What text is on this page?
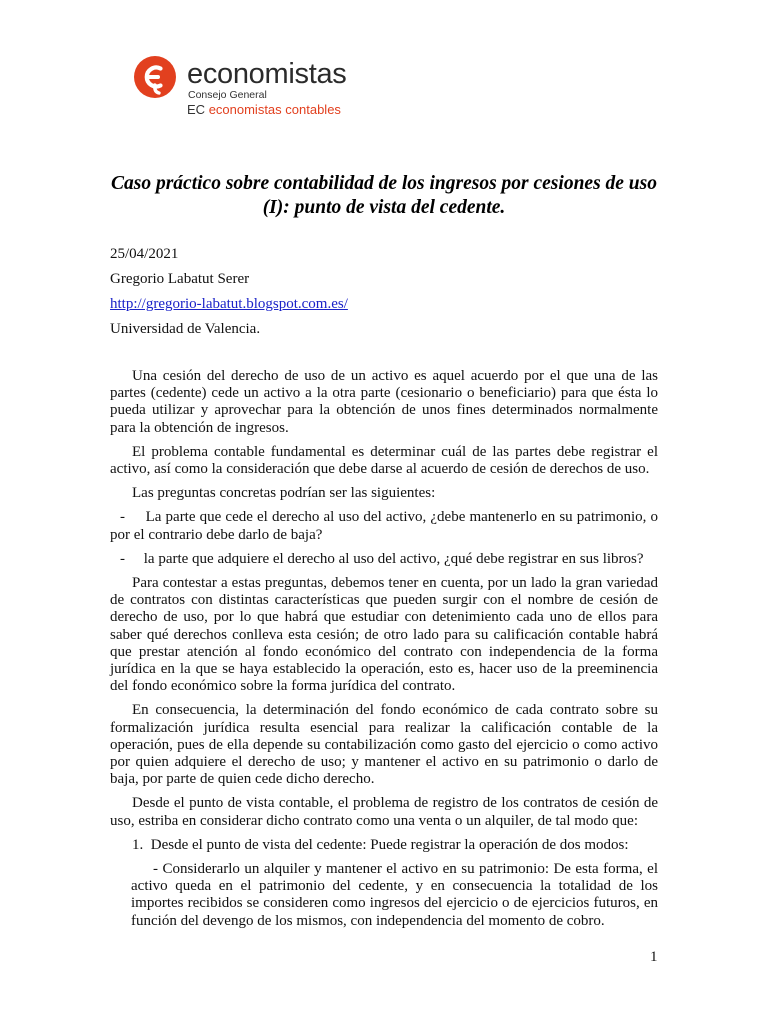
economistas
Consejo General
EC economistas contables
Caso práctico sobre contabilidad de los ingresos por cesiones de uso (I): punto de vista del cedente.
25/04/2021
Gregorio Labatut Serer
http://gregorio-labatut.blogspot.com.es/
Universidad de Valencia.

Una cesión del derecho de uso de un activo es aquel acuerdo por el que una de las partes (cedente) cede un activo a la otra parte (cesionario o beneficiario) para que ésta lo pueda utilizar y aprovechar para la obtención de unos fines determinados normalmente para la obtención de ingresos.

El problema contable fundamental es determinar cuál de las partes debe registrar el activo, así como la consideración que debe darse al acuerdo de cesión de derechos de uso.

Las preguntas concretas podrían ser las siguientes:

- La parte que cede el derecho al uso del activo, ¿debe mantenerlo en su patrimonio, o por el contrario debe darlo de baja?

- la parte que adquiere el derecho al uso del activo, ¿qué debe registrar en sus libros?

Para contestar a estas preguntas, debemos tener en cuenta, por un lado la gran variedad de contratos con distintas características que pueden surgir con el nombre de cesión de derecho de uso, por lo que habrá que estudiar con detenimiento cada uno de ellos para saber qué derechos conlleva esta cesión; de otro lado para su calificación contable habrá que prestar atención al fondo económico del contrato con independencia de la forma jurídica en la que se haya establecido la operación, esto es, hacer uso de la preeminencia del fondo económico sobre la forma jurídica del contrato.

En consecuencia, la determinación del fondo económico de cada contrato sobre su formalización jurídica resulta esencial para realizar la calificación contable de la operación, pues de ella depende su contabilización como gasto del ejercicio o como activo por quien adquiere el derecho de uso; y mantener el activo en su patrimonio o darlo de baja, por parte de quien cede dicho derecho.

Desde el punto de vista contable, el problema de registro de los contratos de cesión de uso, estriba en considerar dicho contrato como una venta o un alquiler, de tal modo que:

1. Desde el punto de vista del cedente: Puede registrar la operación de dos modos:
- Considerarlo un alquiler y mantener el activo en su patrimonio: De esta forma, el activo queda en el patrimonio del cedente, y en consecuencia la totalidad de los importes recibidos se consideren como ingresos del ejercicio o de ejercicios futuros, en función del devengo de los mismos, con independencia del momento de cobro.
1
